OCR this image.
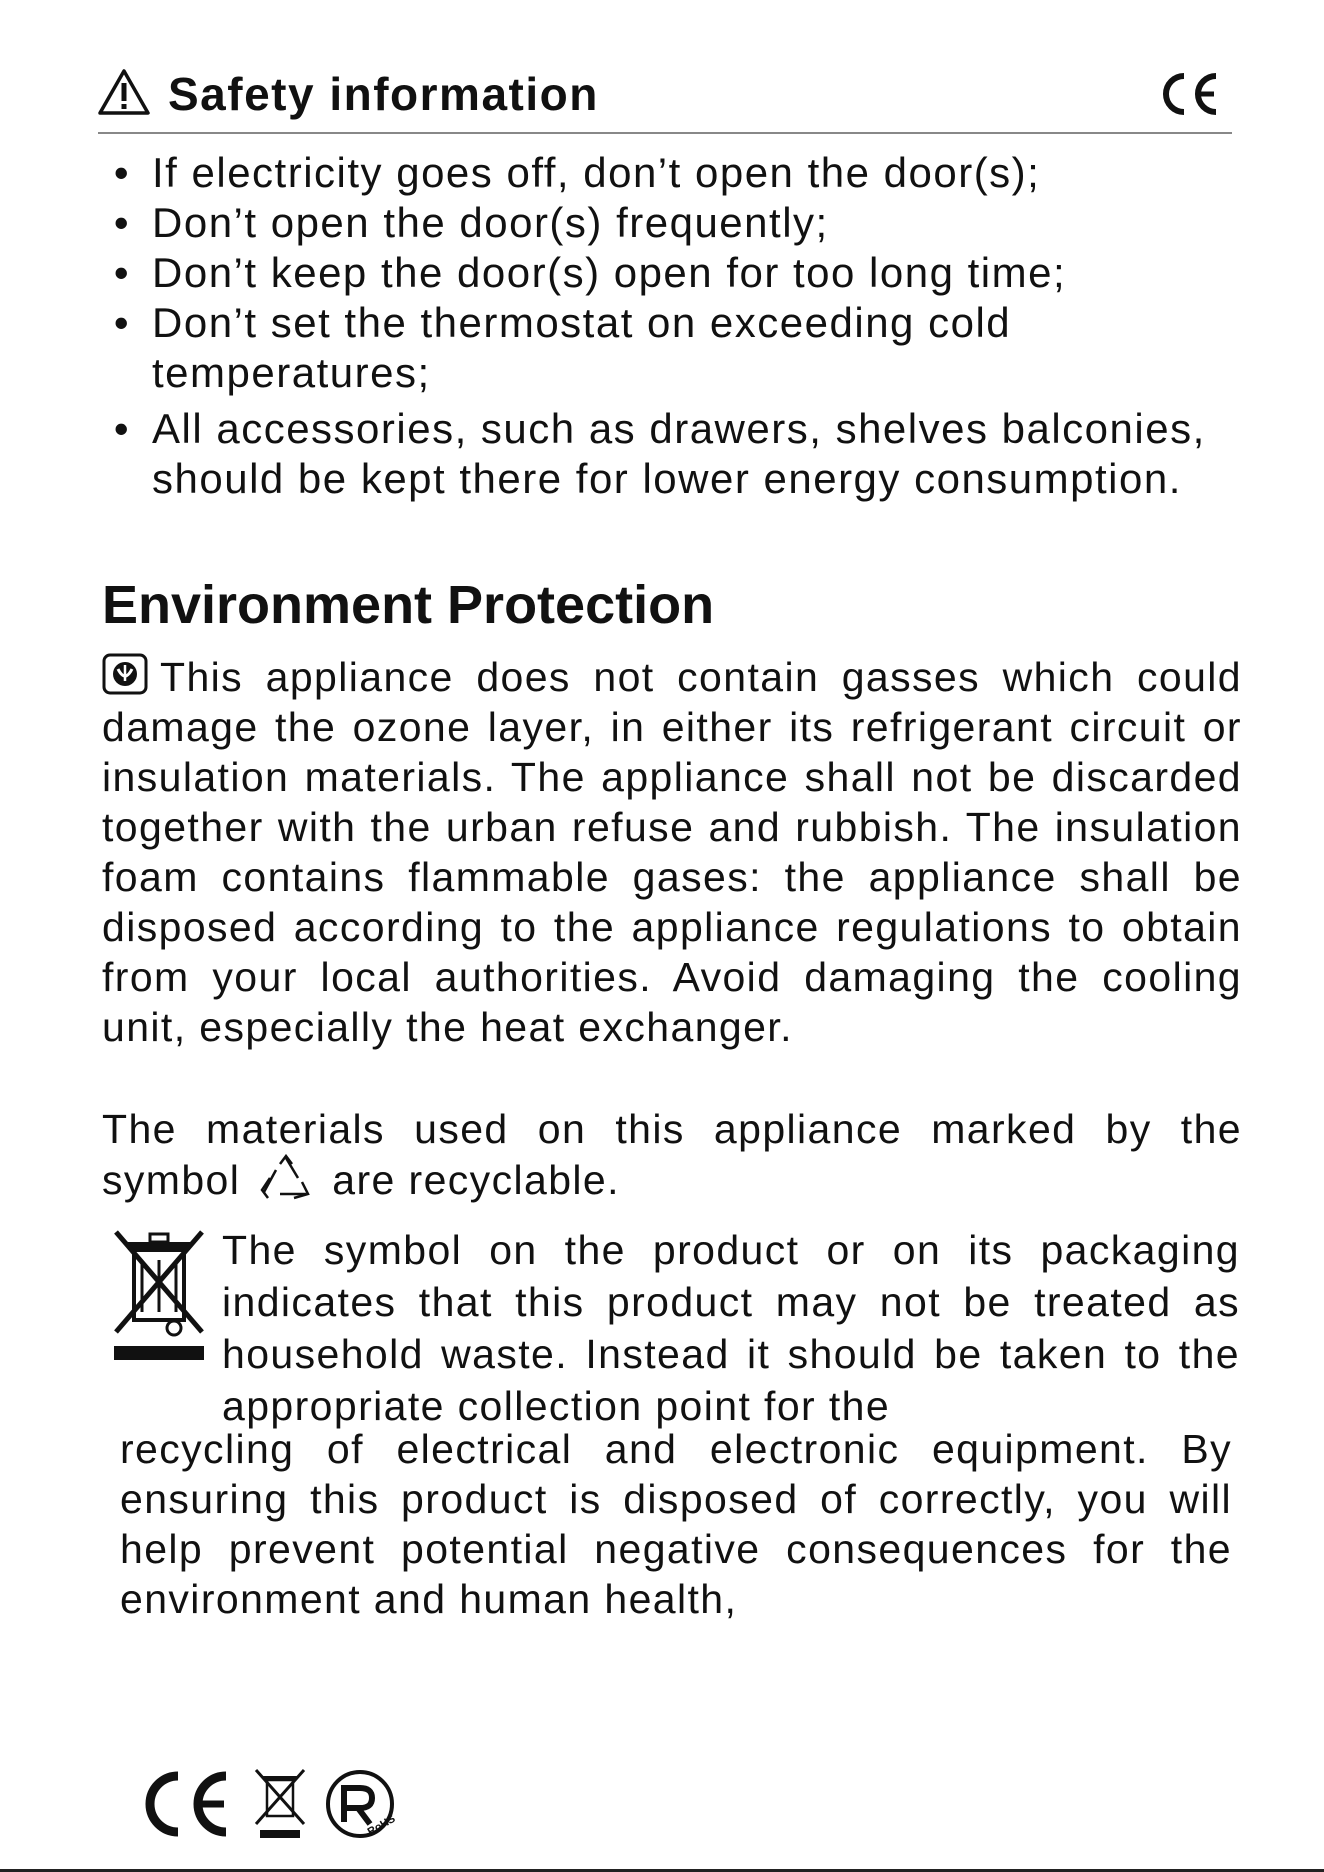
Safety information
• If electricity goes off, don’t open the door(s);
• Don’t open the door(s) frequently;
• Don’t keep the door(s) open for too long time;
• Don’t set the thermostat on exceeding cold temperatures;
• All accessories, such as drawers, shelves balconies, should be kept there for lower energy consumption.
Environment Protection
This appliance does not contain gasses which could damage the ozone layer, in either its refrigerant circuit or insulation materials. The appliance shall not be discarded together with the urban refuse and rubbish. The insulation foam contains flammable gases: the appliance shall be disposed according to the appliance regulations to obtain from your local authorities. Avoid damaging the cooling unit, especially the heat exchanger.
The materials used on this appliance marked by the symbol are recyclable.
The symbol on the product or on its packaging indicates that this product may not be treated as household waste. Instead it should be taken to the appropriate collection point for the
recycling of electrical and electronic equipment. By ensuring this product is disposed of correctly, you will help prevent potential negative consequences for the environment and human health,
RoHS
